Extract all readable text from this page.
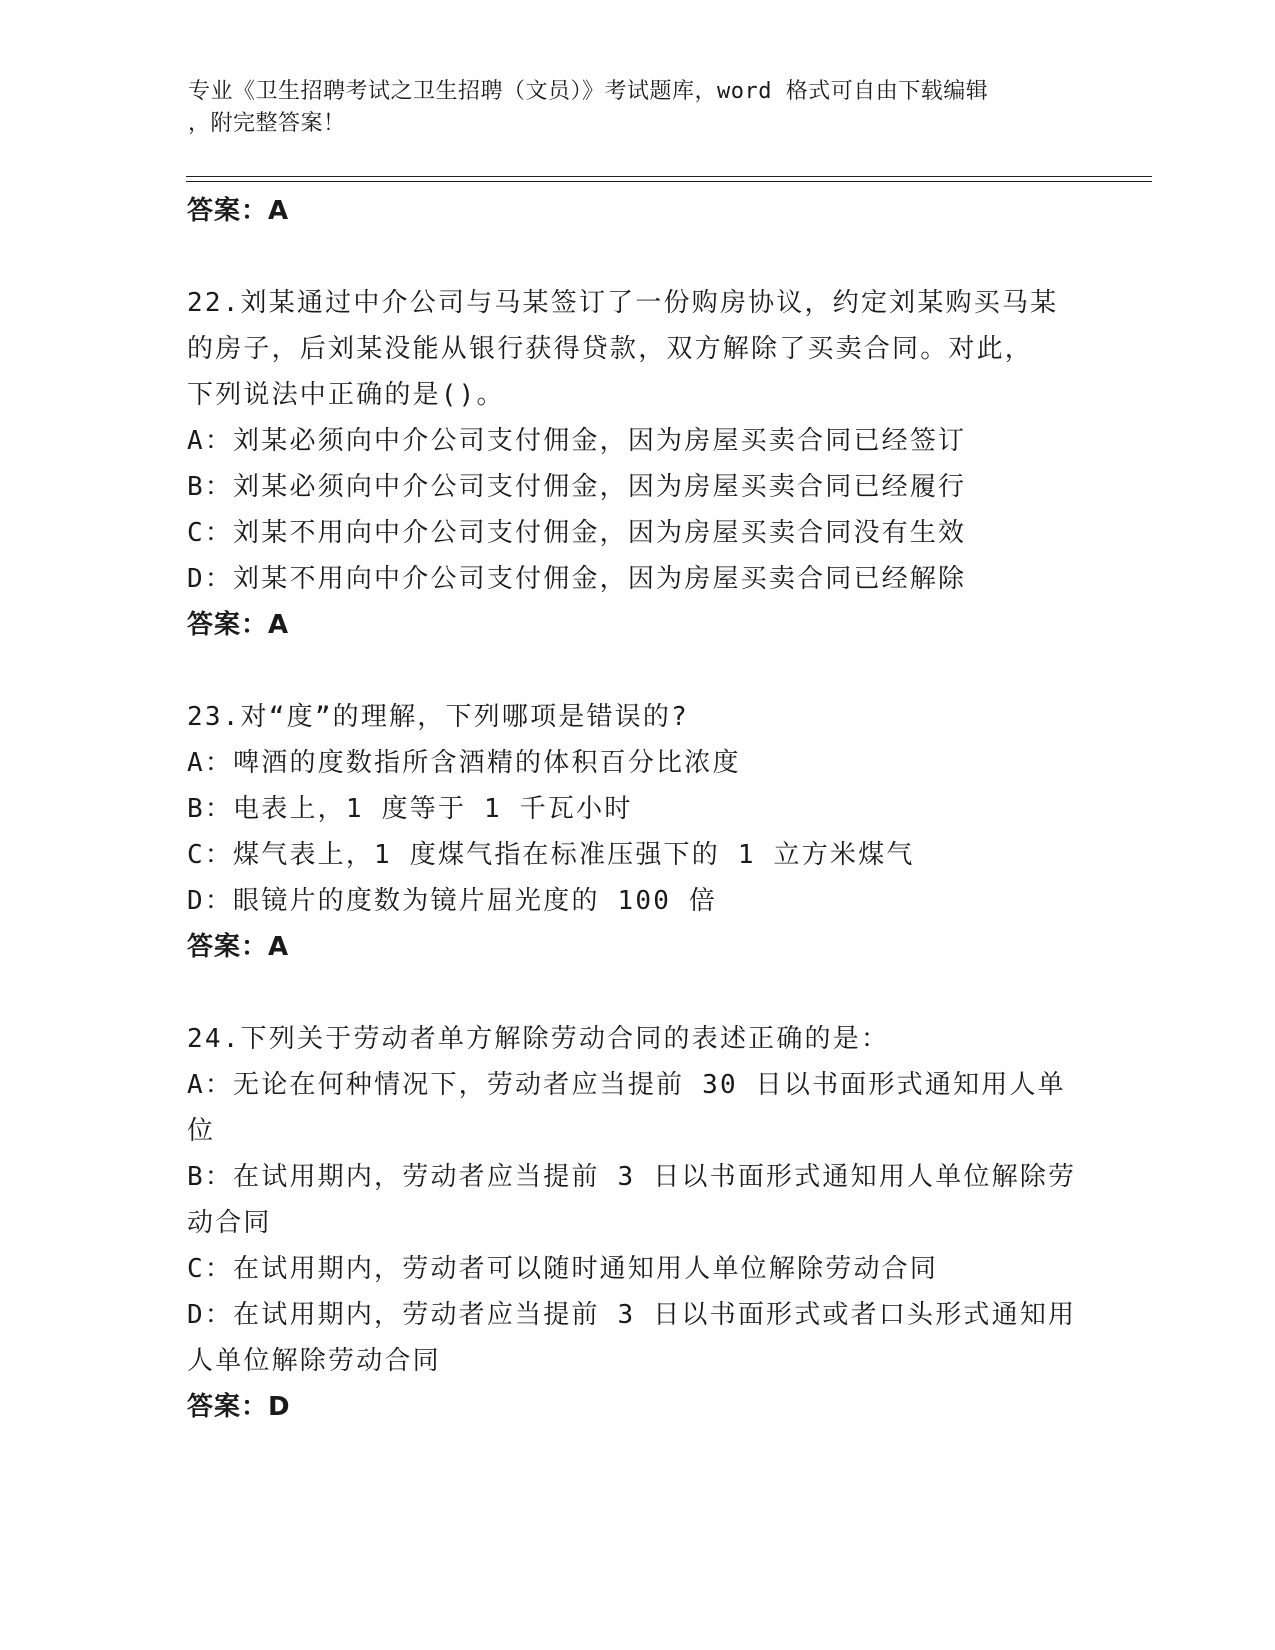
专业《卫生招聘考试之卫生招聘（文员）》考试题库，word 格式可自由下载编辑
，附完整答案！
答案：A
22.刘某通过中介公司与马某签订了一份购房协议，约定刘某购买马某
的房子，后刘某没能从银行获得贷款，双方解除了买卖合同。对此，
下列说法中正确的是()。
A：刘某必须向中介公司支付佣金，因为房屋买卖合同已经签订
B：刘某必须向中介公司支付佣金，因为房屋买卖合同已经履行
C：刘某不用向中介公司支付佣金，因为房屋买卖合同没有生效
D：刘某不用向中介公司支付佣金，因为房屋买卖合同已经解除
答案：A
23.对“度”的理解，下列哪项是错误的?
A：啤酒的度数指所含酒精的体积百分比浓度
B：电表上，1 度等于 1 千瓦小时
C：煤气表上，1 度煤气指在标准压强下的 1 立方米煤气
D：眼镜片的度数为镜片屈光度的 100 倍
答案：A
24.下列关于劳动者单方解除劳动合同的表述正确的是：
A：无论在何种情况下，劳动者应当提前 30 日以书面形式通知用人单
位
B：在试用期内，劳动者应当提前 3 日以书面形式通知用人单位解除劳
动合同
C：在试用期内，劳动者可以随时通知用人单位解除劳动合同
D：在试用期内，劳动者应当提前 3 日以书面形式或者口头形式通知用
人单位解除劳动合同
答案：D
